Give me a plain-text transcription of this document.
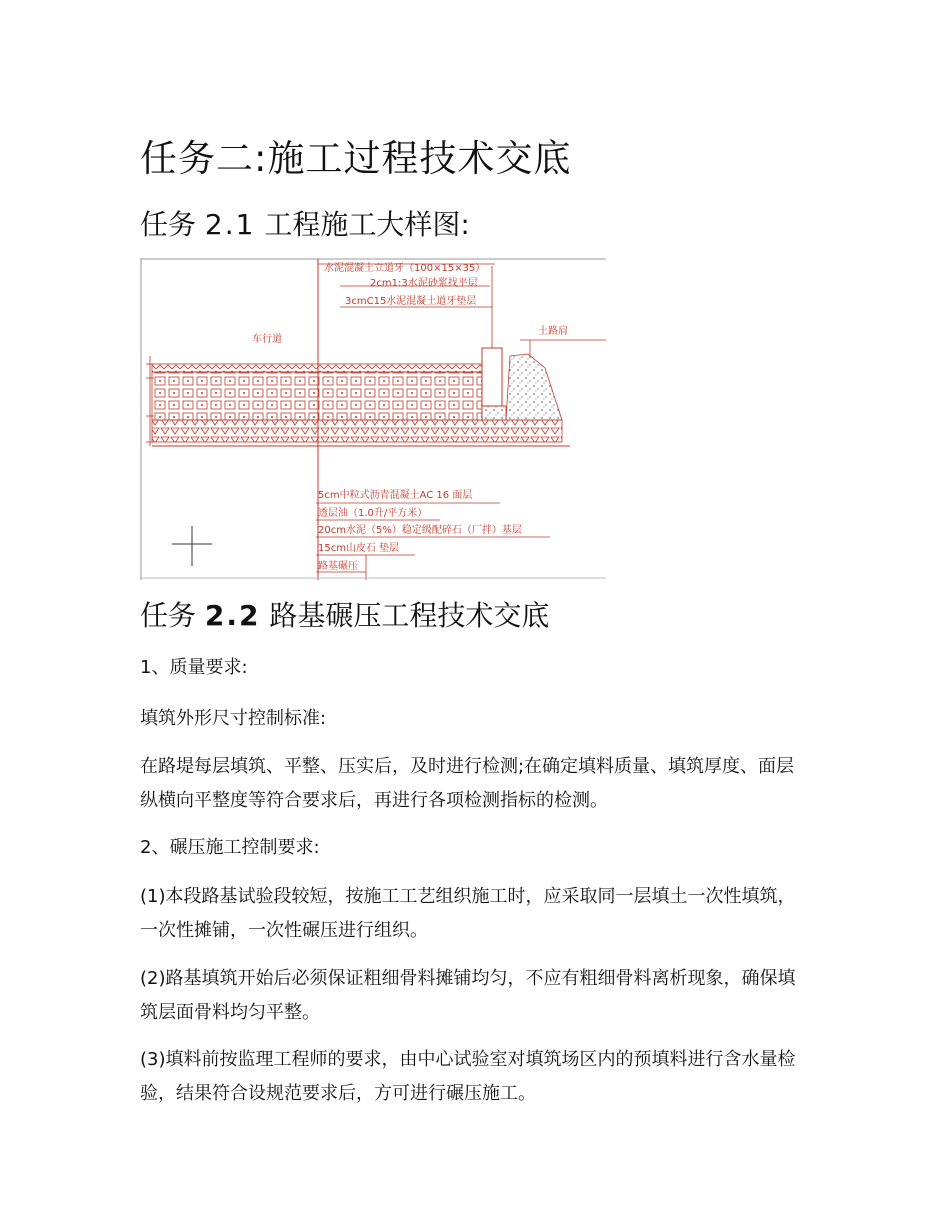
任务二:施工过程技术交底
任务 2.1 工程施工大样图:
水泥混凝土立道牙（100×15×35）
2cm1:3水泥砂浆找平层
3cmC15水泥混凝土道牙垫层
车行道
土路肩
5cm中粒式沥青混凝土AC 16 面层
透层油（1.0升/平方米）
20cm水泥（5%）稳定级配碎石（厂拌）基层
15cm山皮石 垫层
路基碾压
任务 2.2 路基碾压工程技术交底
1、质量要求:
填筑外形尺寸控制标准:
在路堤每层填筑、平整、压实后，及时进行检测;在确定填料质量、填筑厚度、面层纵横向平整度等符合要求后，再进行各项检测指标的检测。
2、碾压施工控制要求:
(1)本段路基试验段较短，按施工工艺组织施工时，应采取同一层填土一次性填筑，一次性摊铺，一次性碾压进行组织。
(2)路基填筑开始后必须保证粗细骨料摊铺均匀，不应有粗细骨料离析现象，确保填筑层面骨料均匀平整。
(3)填料前按监理工程师的要求，由中心试验室对填筑场区内的预填料进行含水量检验，结果符合设规范要求后，方可进行碾压施工。
